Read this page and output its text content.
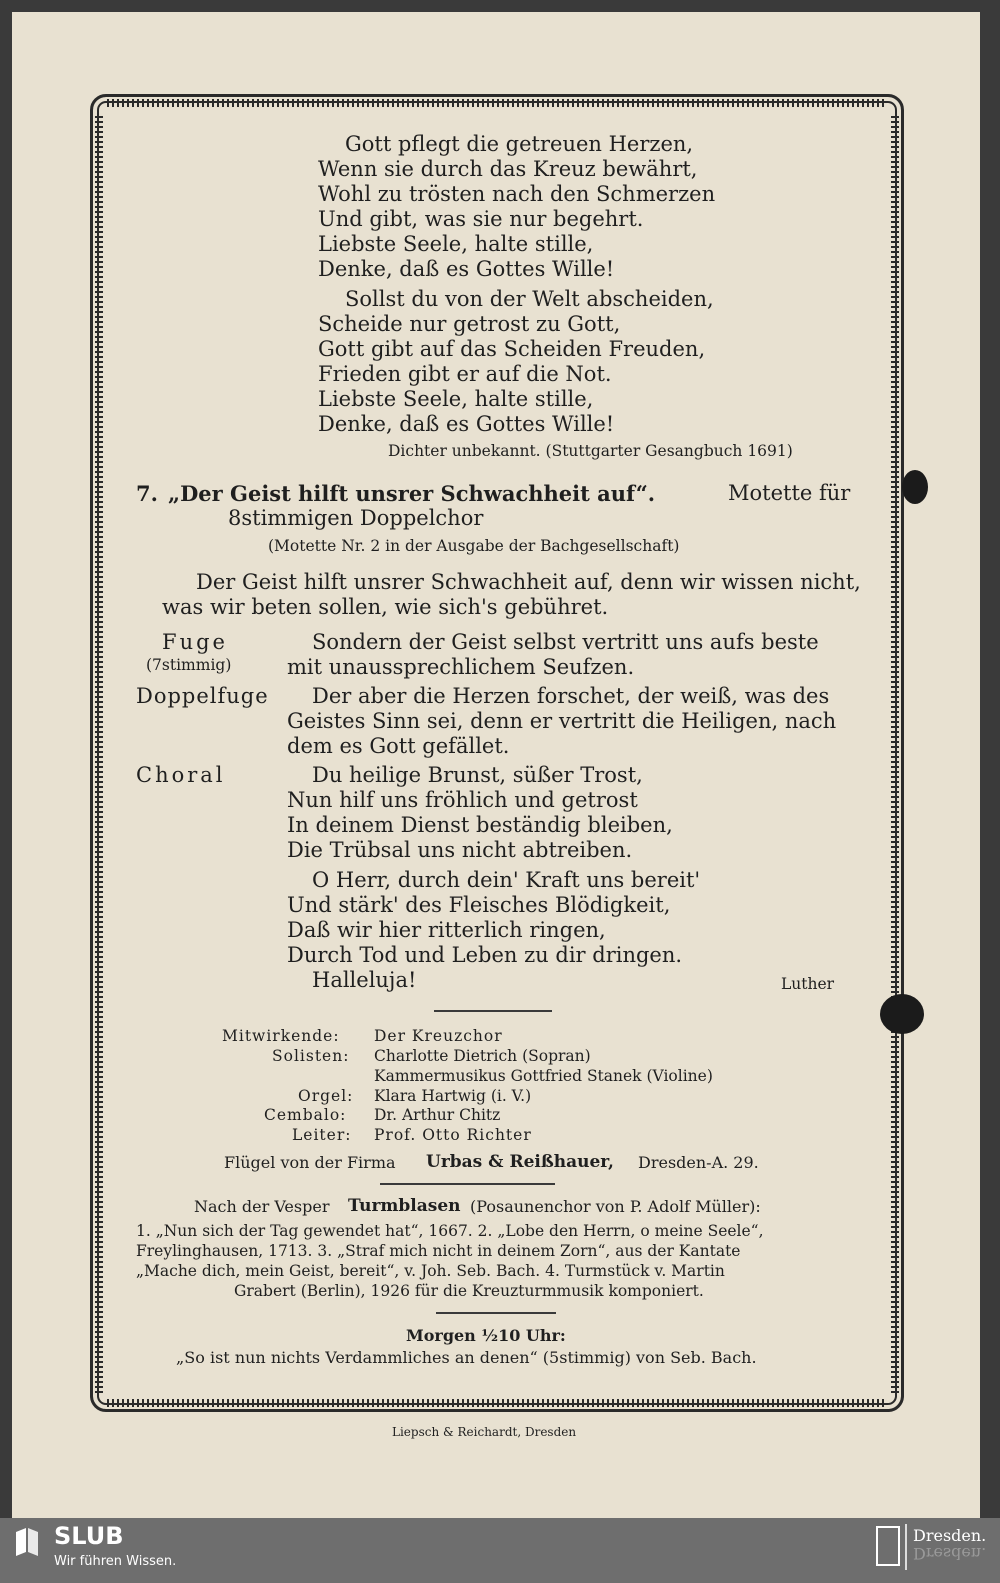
Gott pflegt die getreuen Herzen,
Wenn sie durch das Kreuz bewährt,
Wohl zu trösten nach den Schmerzen
Und gibt, was sie nur begehrt.
Liebste Seele, halte stille,
Denke, daß es Gottes Wille!
Sollst du von der Welt abscheiden,
Scheide nur getrost zu Gott,
Gott gibt auf das Scheiden Freuden,
Frieden gibt er auf die Not.
Liebste Seele, halte stille,
Denke, daß es Gottes Wille!
Dichter unbekannt. (Stuttgarter Gesangbuch 1691)
7. „Der Geist hilft unsrer Schwachheit auf“.	Motette für
8stimmigen Doppelchor
(Motette Nr. 2 in der Ausgabe der Bachgesellschaft)
Der Geist hilft unsrer Schwachheit auf, denn wir wissen nicht,
was wir beten sollen, wie sich's gebühret.
Fuge
(7stimmig)
Sondern der Geist selbst vertritt uns aufs beste
mit unaussprechlichem Seufzen.
Doppelfuge Der aber die Herzen forschet, der weiß, was des
Geistes Sinn sei, denn er vertritt die Heiligen, nach
dem es Gott gefället.
Choral	Du heilige Brunst, süßer Trost,
Nun hilf uns fröhlich und getrost
In deinem Dienst beständig bleiben,
Die Trübsal uns nicht abtreiben.
O Herr, durch dein' Kraft uns bereit'
Und stärk' des Fleisches Blödigkeit,
Daß wir hier ritterlich ringen,
Durch Tod und Leben zu dir dringen.
Halleluja!	Luther
Mitwirkende: Der Kreuzchor
Solisten: Charlotte Dietrich (Sopran)
Kammermusikus Gottfried Stanek (Violine)
Orgel: Klara Hartwig (i. V.)
Cembalo: Dr. Arthur Chitz
Leiter: Prof. Otto Richter
Flügel von der Firma Urbas & Reißhauer, Dresden-A. 29.
Nach der Vesper Turmblasen (Posaunenchor von P. Adolf Müller):
1. „Nun sich der Tag gewendet hat“, 1667. 2. „Lobe den Herrn, o meine Seele“,
Freylinghausen, 1713. 3. „Straf mich nicht in deinem Zorn“, aus der Kantate
„Mache dich, mein Geist, bereit“, v. Joh. Seb. Bach. 4. Turmstück v. Martin
Grabert (Berlin), 1926 für die Kreuzturmmusik komponiert.
Morgen ½10 Uhr:
„So ist nun nichts Verdammliches an denen“ (5stimmig) von Seb. Bach.
Liepsch & Reichardt, Dresden
SLUB
Wir führen Wissen.
Dresden.
Dresden.
